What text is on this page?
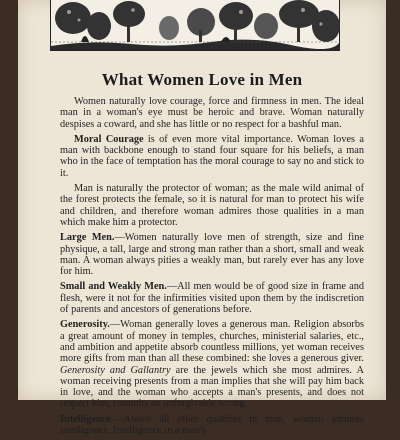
What Women Love in Men

Women naturally love courage, force and firmness in men. The ideal man in a woman's eye must be heroic and brave. Woman naturally despises a coward, and she has little or no respect for a bashful man.

Moral Courage is of even more vital importance. Woman loves a man with backbone enough to stand four square for his beliefs, a man who in the face of temptation has the moral courage to say no and stick to it.

Man is naturally the protector of woman; as the male wild animal of the forest protects the female, so it is natural for man to protect his wife and children, and therefore woman admires those qualities in a man which make him a protector.

Large Men.—Women naturally love men of strength, size and fine physique, a tall, large and strong man rather than a short, small and weak man. A woman always pities a weakly man, but rarely ever has any love for him.

Small and Weakly Men.—All men would be of good size in frame and flesh, were it not for the infirmities visited upon them by the indiscretion of parents and ancestors of generations before.

Generosity.—Woman generally loves a generous man. Religion absorbs a great amount of money in temples, churches, ministerial salaries, etc., and ambition and appetite absorb countless millions, yet woman receives more gifts from man than all these combined: she loves a generous giver. Generosity and Gallantry are the jewels which she most admires. A woman receiving presents from a man implies that she will pay him back in love, and the woman who accepts a man's presents, and does not respect him, commits an unforgivable wrong.

Intelligence.—Above all other qualities in man, woman admires intelligence. Intelligence in a man's
